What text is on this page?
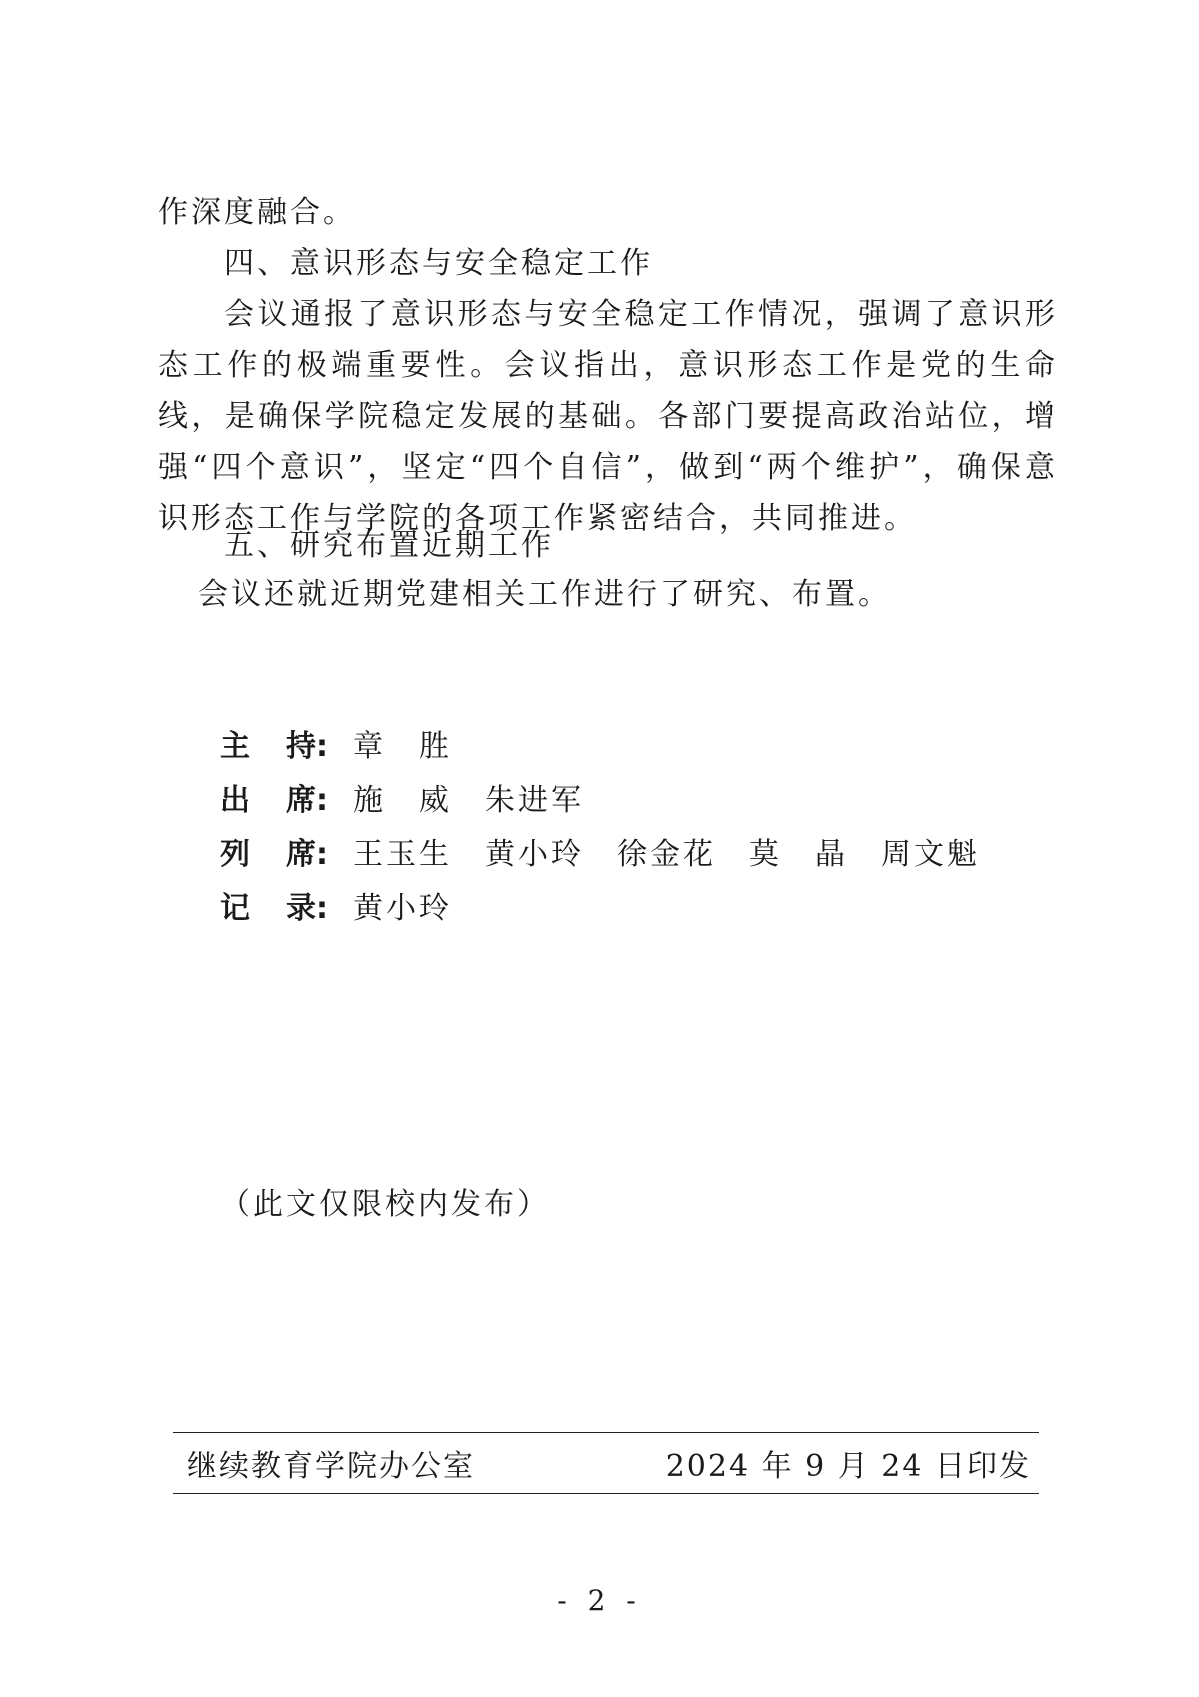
作深度融合。

四、意识形态与安全稳定工作

会议通报了意识形态与安全稳定工作情况，强调了意识形态工作的极端重要性。会议指出，意识形态工作是党的生命线，是确保学院稳定发展的基础。各部门要提高政治站位，增强“四个意识”，坚定“四个自信”，做到“两个维护”，确保意识形态工作与学院的各项工作紧密结合，共同推进。

五、研究布置近期工作

会议还就近期党建相关工作进行了研究、布置。

主 持: 章　胜
出 席: 施　威　朱进军
列 席: 王玉生　黄小玲　徐金花　莫　晶　周文魁
记 录: 黄小玲
（此文仅限校内发布）
继续教育学院办公室	2024 年 9 月 24 日印发
- 2 -
